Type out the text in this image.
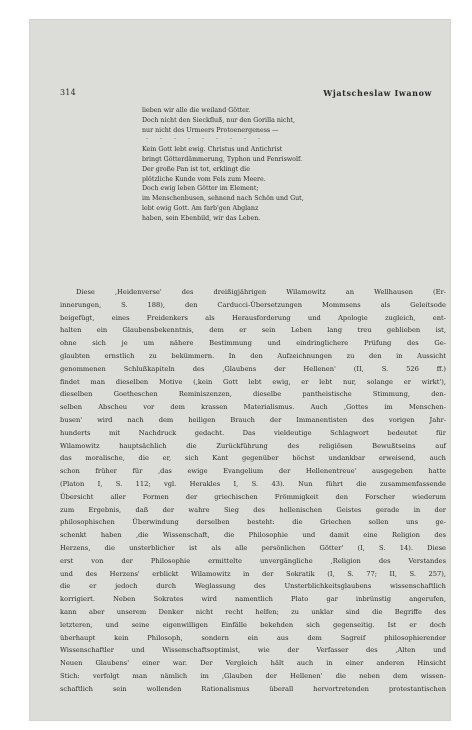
314	Wjatscheslaw Iwanow
lieben wir alle die weiland Götter.
Doch nicht den Sieckfluß, nur den Gorilla nicht,
nur nicht des Urmeers Protoenergeness —
· · · · · · · · ·
Kein Gott lebt ewig. Christus und Antichrist
bringt Götterdämmerung, Typhon und Fenriswolf.
Der große Pan ist tot, erklingt die
plötzliche Kunde vom Fels zum Meere.
Doch ewig leben Götter im Element;
im Menschenbusen, sehnend nach Schön und Gut,
lebt ewig Gott. Am farb'gen Abglanz
haben, sein Ebenbild, wir das Leben.
Diese ‚Heidenverse' des dreißigjährigen Wilamowitz an Wellhausen (Er-
innerungen, S. 188), den Carducci-Übersetzungen Mommsens als Geleitsode
beigefügt, eines Freidenkers als Herausforderung und Apologie zugleich, ent-
halten ein Glaubensbekenntnis, dem er sein Leben lang treu geblieben ist,
ohne sich je um nähere Bestimmung und eindringlichere Prüfung des Ge-
glaubten ernstlich zu bekümmern. In den Aufzeichnungen zu den in Aussicht
genommenen Schlußkapiteln des ‚Glaubens der Hellenen' (II, S. 526 ff.)
findet man dieselben Motive (‚kein Gott lebt ewig, er lebt nur, solange er wirkt'),
dieselben Goetheschen Reminiszenzen, dieselbe pantheistische Stimmung, den-
selben Abscheu vor dem krassen Materialismus. Auch ‚Gottes im Menschen-
busen' wird nach dem heiligen Brauch der Immanentisten des vorigen Jahr-
hunderts mit Nachdruck gedacht. Das vieldeutige Schlagwort bedeutet für
Wilamowitz hauptsächlich die Zurückführung des religiösen Bewußtseins auf
das moralische, die er, sich Kant gegenüber höchst undankbar erweisend, auch
schon früher für ‚das ewige Evangelium der Hellenentreue' ausgegeben hatte
(Platon I, S. 112; vgl. Herakles I, S. 43). Nun führt die zusammenfassende
Übersicht aller Formen der griechischen Frömmigkeit den Forscher wiederum
zum Ergebnis, daß der wahre Sieg des hellenischen Geistes gerade in der
philosophischen Überwindung derselben besteht: die Griechen sollen uns ge-
schenkt haben ‚die Wissenschaft, die Philosophie und damit eine Religion des
Herzens, die unsterblicher ist als alle persönlichen Götter' (I, S. 14). Diese
erst von der Philosophie ermittelte unvergängliche ‚Religion des Verstandes
und des Herzens' erblickt Wilamowitz in der Sokratik (I, S. 77; II, S. 257),
die er jedoch durch Weglassung des Unsterblichkeitsglaubens wissenschaftlich
korrigiert. Neben Sokrates wird namentlich Plato gar inbrünstig angerufen,
kann aber unserem Denker nicht recht helfen; zu unklar sind die Begriffe des
letzteren, und seine eigenwilligen Einfälle bekehden sich gegenseitig. Ist er doch
überhaupt kein Philosoph, sondern ein aus dem Sagreif philosophierender
Wissenschaftler und Wissenschaftsoptimist, wie der Verfasser des ‚Alten und
Neuen Glaubens' einer war. Der Vergleich hält auch in einer anderen Hinsicht
Stich: verfolgt man nämlich im ‚Glauben der Hellenen' die neben dem wissen-
schaftlich sein wollenden Rationalismus überall hervortretenden protestantischen
